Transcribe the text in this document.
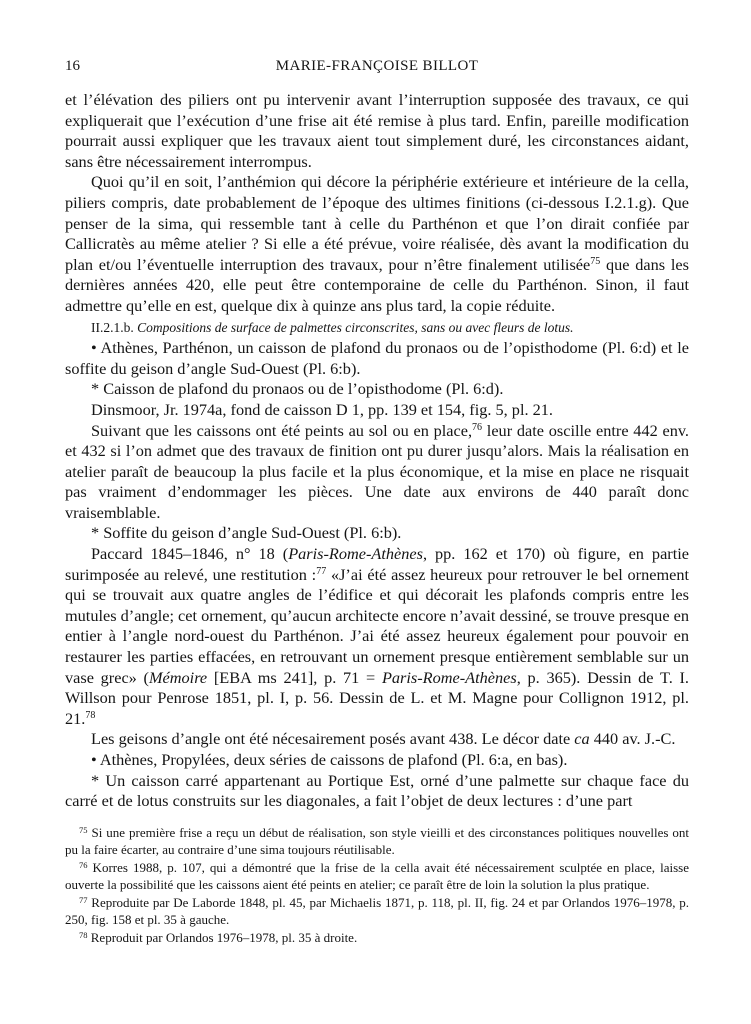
16	MARIE-FRANÇOISE BILLOT

et l’élévation des piliers ont pu intervenir avant l’interruption supposée des travaux, ce qui expliquerait que l’exécution d’une frise ait été remise à plus tard. Enfin, pareille modification pourrait aussi expliquer que les travaux aient tout simplement duré, les circonstances aidant, sans être nécessairement interrompus.

Quoi qu’il en soit, l’anthémion qui décore la périphérie extérieure et intérieure de la cella, piliers compris, date probablement de l’époque des ultimes finitions (ci-dessous I.2.1.g). Que penser de la sima, qui ressemble tant à celle du Parthénon et que l’on dirait confiée par Callicratès au même atelier ? Si elle a été prévue, voire réalisée, dès avant la modification du plan et/ou l’éventuelle interruption des travaux, pour n’être finalement utilisée$^{75}$ que dans les dernières années 420, elle peut être contemporaine de celle du Parthénon. Sinon, il faut admettre qu’elle en est, quelque dix à quinze ans plus tard, la copie réduite.

II.2.1.b. Compositions de surface de palmettes circonscrites, sans ou avec fleurs de lotus.

• Athènes, Parthénon, un caisson de plafond du pronaos ou de l’opisthodome (Pl. 6:d) et le soffite du geison d’angle Sud-Ouest (Pl. 6:b).

* Caisson de plafond du pronaos ou de l’opisthodome (Pl. 6:d).

Dinsmoor, Jr. 1974a, fond de caisson D 1, pp. 139 et 154, fig. 5, pl. 21.

Suivant que les caissons ont été peints au sol ou en place,$^{76}$ leur date oscille entre 442 env. et 432 si l’on admet que des travaux de finition ont pu durer jusqu’alors. Mais la réalisation en atelier paraît de beaucoup la plus facile et la plus économique, et la mise en place ne risquait pas vraiment d’endommager les pièces. Une date aux environs de 440 paraît donc vraisemblable.

* Soffite du geison d’angle Sud-Ouest (Pl. 6:b).

Paccard 1845–1846, n° 18 (Paris-Rome-Athènes, pp. 162 et 170) où figure, en partie surimposée au relevé, une restitution :$^{77}$ «J’ai été assez heureux pour retrouver le bel ornement qui se trouvait aux quatre angles de l’édifice et qui décorait les plafonds compris entre les mutules d’angle; cet ornement, qu’aucun architecte encore n’avait dessiné, se trouve presque en entier à l’angle nord-ouest du Parthénon. J’ai été assez heureux également pour pouvoir en restaurer les parties effacées, en retrouvant un ornement presque entièrement semblable sur un vase grec» (Mémoire [EBA ms 241], p. 71 = Paris-Rome-Athènes, p. 365). Dessin de T. I. Willson pour Penrose 1851, pl. I, p. 56. Dessin de L. et M. Magne pour Collignon 1912, pl. 21.78

Les geisons d’angle ont été nécesairement posés avant 438. Le décor date ca 440 av. J.-C.

• Athènes, Propylées, deux séries de caissons de plafond (Pl. 6:a, en bas).

* Un caisson carré appartenant au Portique Est, orné d’une palmette sur chaque face du carré et de lotus construits sur les diagonales, a fait l’objet de deux lectures : d’une part

$^{75}$ Si une première frise a reçu un début de réalisation, son style vieilli et des circonstances politiques nouvelles ont pu la faire écarter, au contraire d’une sima toujours réutilisable.

$^{76}$ Korres 1988, p. 107, qui a démontré que la frise de la cella avait été nécessairement sculptée en place, laisse ouverte la possibilité que les caissons aient été peints en atelier; ce paraît être de loin la solution la plus pratique.

$^{77}$ Reproduite par De Laborde 1848, pl. 45, par Michaelis 1871, p. 118, pl. II, fig. 24 et par Orlandos 1976–1978, p. 250, fig. 158 et pl. 35 à gauche.

$^{78}$ Reproduit par Orlandos 1976–1978, pl. 35 à droite.
